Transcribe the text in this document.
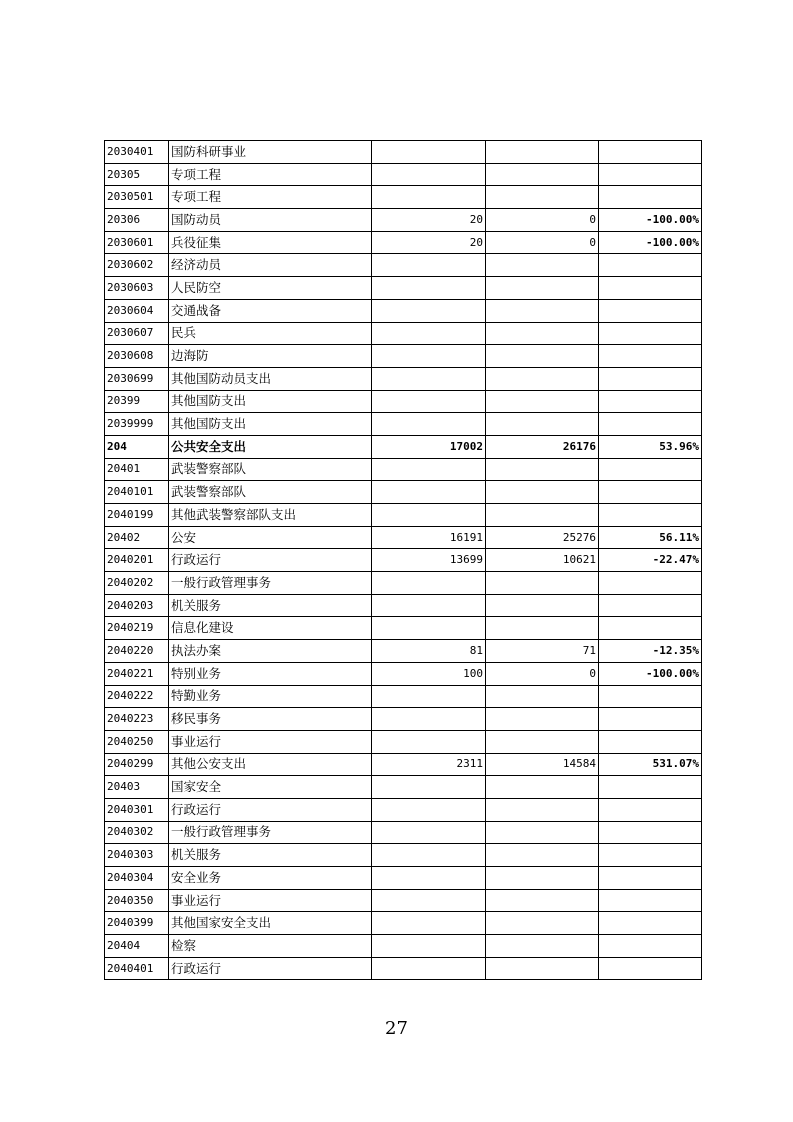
2030401	国防科研事业			
20305	专项工程			
2030501	专项工程			
20306	国防动员	20	0	-100.00%
2030601	兵役征集	20	0	-100.00%
2030602	经济动员			
2030603	人民防空			
2030604	交通战备			
2030607	民兵			
2030608	边海防			
2030699	其他国防动员支出			
20399	其他国防支出			
2039999	其他国防支出			
204	公共安全支出	17002	26176	53.96%
20401	武装警察部队			
2040101	武装警察部队			
2040199	其他武装警察部队支出			
20402	公安	16191	25276	56.11%
2040201	行政运行	13699	10621	-22.47%
2040202	一般行政管理事务			
2040203	机关服务			
2040219	信息化建设			
2040220	执法办案	81	71	-12.35%
2040221	特别业务	100	0	-100.00%
2040222	特勤业务			
2040223	移民事务			
2040250	事业运行			
2040299	其他公安支出	2311	14584	531.07%
20403	国家安全			
2040301	行政运行			
2040302	一般行政管理事务			
2040303	机关服务			
2040304	安全业务			
2040350	事业运行			
2040399	其他国家安全支出			
20404	检察			
2040401	行政运行			
27
